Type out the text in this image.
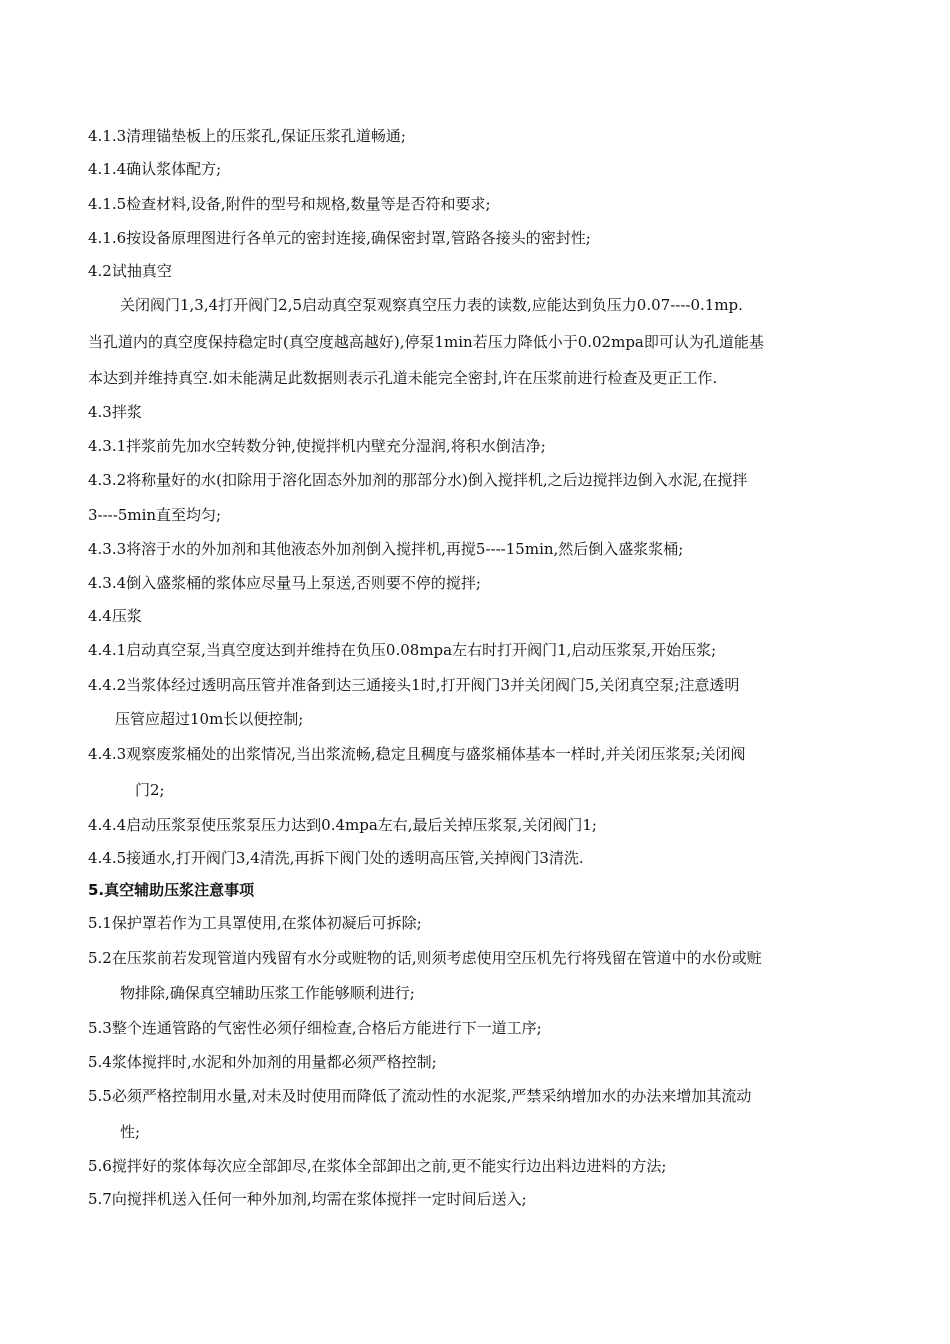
4.1.3清理锚垫板上的压浆孔,保证压浆孔道畅通;
4.1.4确认浆体配方;
4.1.5检查材料,设备,附件的型号和规格,数量等是否符和要求;
4.1.6按设备原理图进行各单元的密封连接,确保密封罩,管路各接头的密封性;
4.2试抽真空
关闭阀门1,3,4打开阀门2,5启动真空泵观察真空压力表的读数,应能达到负压力0.07----0.1mp.
当孔道内的真空度保持稳定时(真空度越高越好),停泵1min若压力降低小于0.02mpa即可认为孔道能基
本达到并维持真空.如未能满足此数据则表示孔道未能完全密封,许在压浆前进行检查及更正工作.
4.3拌浆
4.3.1拌浆前先加水空转数分钟,使搅拌机内壁充分湿润,将积水倒洁净;
4.3.2将称量好的水(扣除用于溶化固态外加剂的那部分水)倒入搅拌机,之后边搅拌边倒入水泥,在搅拌
3----5min直至均匀;
4.3.3将溶于水的外加剂和其他液态外加剂倒入搅拌机,再搅5----15min,然后倒入盛浆浆桶;
4.3.4倒入盛浆桶的浆体应尽量马上泵送,否则要不停的搅拌;
4.4压浆
4.4.1启动真空泵,当真空度达到并维持在负压0.08mpa左右时打开阀门1,启动压浆泵,开始压浆;
4.4.2当浆体经过透明高压管并准备到达三通接头1时,打开阀门3并关闭阀门5,关闭真空泵;注意透明
压管应超过10m长以便控制;
4.4.3观察废浆桶处的出浆情况,当出浆流畅,稳定且稠度与盛浆桶体基本一样时,并关闭压浆泵;关闭阀
门2;
4.4.4启动压浆泵使压浆泵压力达到0.4mpa左右,最后关掉压浆泵,关闭阀门1;
4.4.5接通水,打开阀门3,4清洗,再拆下阀门处的透明高压管,关掉阀门3清洗.
5.真空辅助压浆注意事项
5.1保护罩若作为工具罩使用,在浆体初凝后可拆除;
5.2在压浆前若发现管道内残留有水分或赃物的话,则须考虑使用空压机先行将残留在管道中的水份或赃
物排除,确保真空辅助压浆工作能够顺利进行;
5.3整个连通管路的气密性必须仔细检查,合格后方能进行下一道工序;
5.4浆体搅拌时,水泥和外加剂的用量都必须严格控制;
5.5必须严格控制用水量,对未及时使用而降低了流动性的水泥浆,严禁采纳增加水的办法来增加其流动
性;
5.6搅拌好的浆体每次应全部卸尽,在浆体全部卸出之前,更不能实行边出料边进料的方法;
5.7向搅拌机送入任何一种外加剂,均需在浆体搅拌一定时间后送入;
